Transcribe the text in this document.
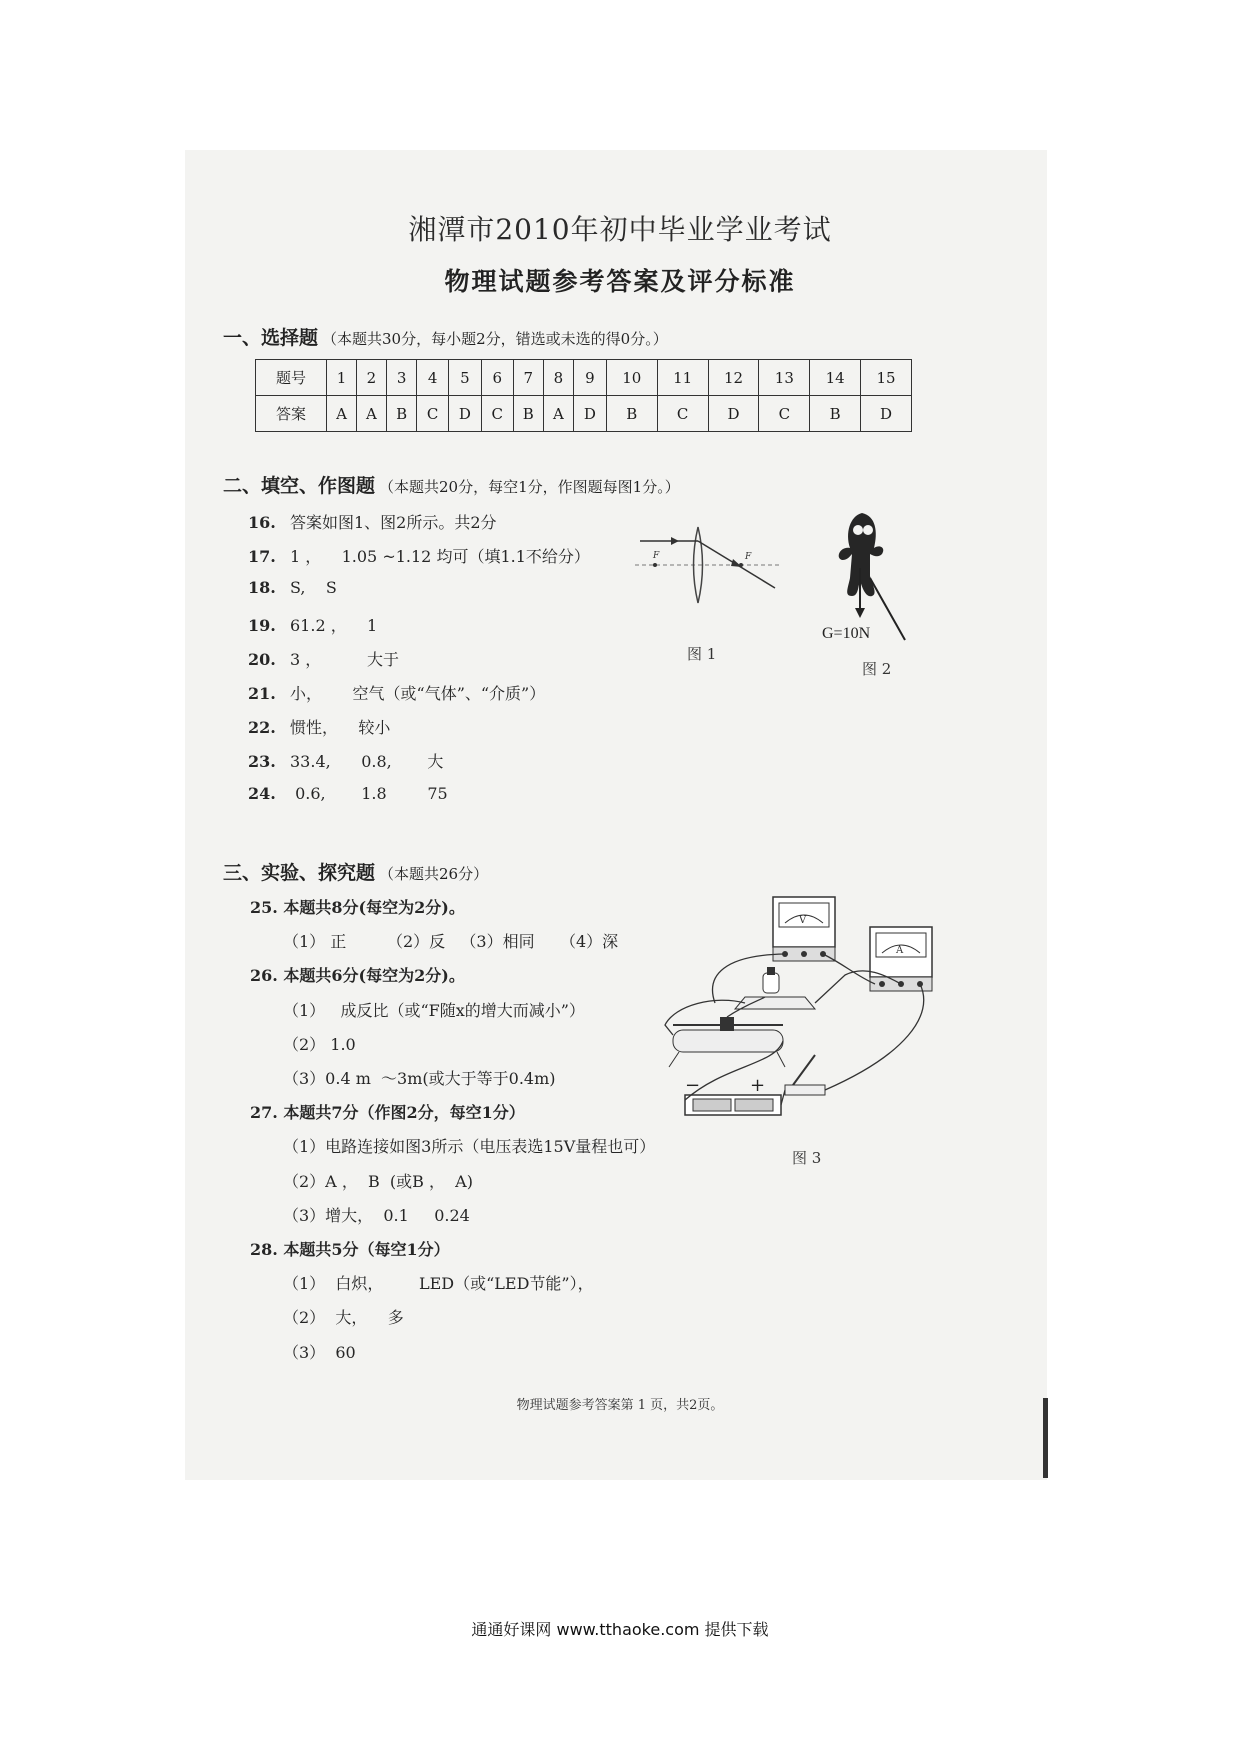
湘潭市2010年初中毕业学业考试
物理试题参考答案及评分标准
一、选择题 （本题共30分，每小题2分，错选或未选的得0分。）
题号	1	2	3	4	5	6	7	8	9	10	11	12	13	14	15
答案	A	A	B	C	D	C	B	A	D	B	C	D	C	B	D
二、填空、作图题 （本题共20分，每空1分，作图题每图1分。）
16. 答案如图1、图2所示。共2分
17. 1 ，    1.05 ~1.12 均可（填1.1不给分）
18. S,    S
19. 61.2 ，    1
20. 3 ，         大于
21. 小，      空气（或“气体”、“介质”）
22. 惯性，    较小
23. 33.4,      0.8,       大
24. 0.6,       1.8        75
F	F
图 1
G=10N
图 2
三、实验、探究题 （本题共26分）
25. 本题共8分(每空为2分)。
（1） 正        （2）反   （3）相同     （4）深
26. 本题共6分(每空为2分)。
（1）   成反比（或“F随x的增大而减小”）
（2） 1.0
（3）0.4 m  ～3m(或大于等于0.4m)
27. 本题共7分（作图2分，每空1分）
（1）电路连接如图3所示（电压表选15V量程也可）
（2）A ，  B  (或B ，  A)
（3）增大，  0.1     0.24
28. 本题共5分（每空1分）
（1）  白炽，       LED（或“LED节能”），
（2）  大，    多
（3）  60
V
A
−	+
图 3
物理试题参考答案第 1 页，共2页。
通通好课网 www.tthaoke.com 提供下载
